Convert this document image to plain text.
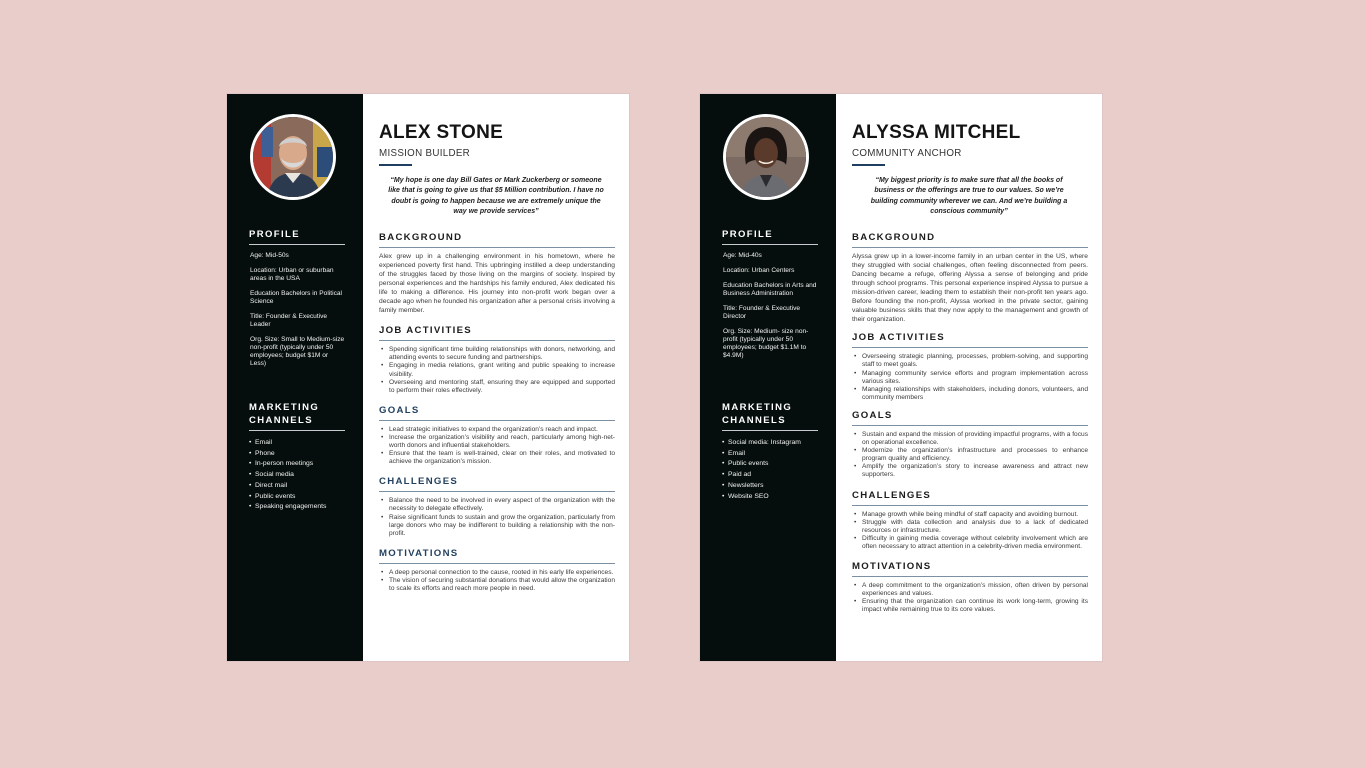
PROFILE

Age: Mid-50s

Location: Urban or suburban areas in the USA

Education Bachelors in Political Science

Title: Founder & Executive Leader

Org. Size: Small to Medium-size non-profit (typically under 50 employees; budget $1M or Less)

MARKETING CHANNELS
• Email
• Phone
• In-person meetings
• Social media
• Direct mail
• Public events
• Speaking engagements
ALEX STONE
MISSION BUILDER
“My hope is one day Bill Gates or Mark Zuckerberg or someone like that is going to give us that $5 Million contribution. I have no doubt is going to happen because we are extremely unique the way we provide services”
BACKGROUND
Alex grew up in a challenging environment in his hometown, where he experienced poverty first hand. This upbringing instilled a deep understanding of the struggles faced by those living on the margins of society. Inspired by personal experiences and the hardships his family endured, Alex dedicated his life to making a difference. His journey into non-profit work began over a decade ago when he founded his organization after a personal crisis involving a family member.
JOB ACTIVITIES
• Spending significant time building relationships with donors, networking, and attending events to secure funding and partnerships.
• Engaging in media relations, grant writing and public speaking to increase visibility.
• Overseeing and mentoring staff, ensuring they are equipped and supported to perform their roles effectively.
GOALS
• Lead strategic initiatives to expand the organization’s reach and impact.
• Increase the organization’s visibility and reach, particularly among high-net-worth donors and influential stakeholders.
• Ensure that the team is well-trained, clear on their roles, and motivated to achieve the organization’s mission.
CHALLENGES
• Balance the need to be involved in every aspect of the organization with the necessity to delegate effectively.
• Raise significant funds to sustain and grow the organization, particularly from large donors who may be indifferent to building a relationship with the non-profit.
MOTIVATIONS
• A deep personal connection to the cause, rooted in his early life experiences.
• The vision of securing substantial donations that would allow the organization to scale its efforts and reach more people in need.
PROFILE

Age: Mid-40s

Location: Urban Centers

Education Bachelors in Arts and Business Administration

Title: Founder & Executive Director

Org. Size: Medium- size non-profit (typically under 50 employees; budget $1.1M to $4.9M)

MARKETING CHANNELS
• Social media: Instagram
• Email
• Public events
• Paid ad
• Newsletters
• Website SEO
ALYSSA MITCHEL
COMMUNITY ANCHOR
“My biggest priority is to make sure that all the books of business or the offerings are true to our values. So we’re building community wherever we can. And we’re building a conscious community”
BACKGROUND
Alyssa grew up in a lower-income family in an urban center in the US, where they struggled with social challenges, often feeling disconnected from peers. Dancing became a refuge, offering Alyssa a sense of belonging and pride through school programs. This personal experience inspired Alyssa to pursue a mission-driven career, leading them to establish their non-profit ten years ago. Before founding the non-profit, Alyssa worked in the private sector, gaining valuable business skills that they now apply to the management and growth of their organization.
JOB ACTIVITIES
• Overseeing strategic planning, processes, problem-solving, and supporting staff to meet goals.
• Managing community service efforts and program implementation across various sites.
• Managing relationships with stakeholders, including donors, volunteers, and community members
GOALS
• Sustain and expand the mission of providing impactful programs, with a focus on operational excellence.
• Modernize the organization’s infrastructure and processes to enhance program quality and efficiency.
• Amplify the organization’s story to increase awareness and attract new supporters.
CHALLENGES
• Manage growth while being mindful of staff capacity and avoiding burnout.
• Struggle with data collection and analysis due to a lack of dedicated resources or infrastructure.
• Difficulty in gaining media coverage without celebrity involvement which are often necessary to attract attention in a celebrity-driven media environment.
MOTIVATIONS
• A deep commitment to the organization’s mission, often driven by personal experiences and values.
• Ensuring that the organization can continue its work long-term, growing its impact while remaining true to its core values.
